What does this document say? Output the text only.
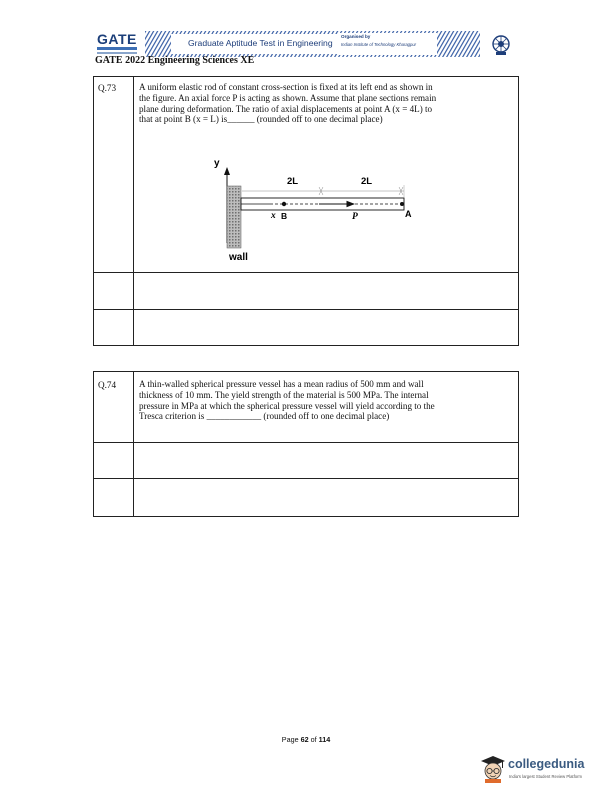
GATE	Graduate Aptitude Test in Engineering
Organised by
Indian Institute of Technology Kharagpur
GATE 2022 Engineering Sciences XE
Q.73	A uniform elastic rod of constant cross-section is fixed at its left end as shown in
the figure. An axial force P is acting as shown. Assume that plane sections remain
plane during deformation. The ratio of axial displacements at point A (x = 4L) to
that at point B (x = L) is______ (rounded off to one decimal place)
y
2L	2L
x B	P	A
wall
Q.74	A thin-walled spherical pressure vessel has a mean radius of 500 mm and wall
thickness of 10 mm. The yield strength of the material is 500 MPa. The internal
pressure in MPa at which the spherical pressure vessel will yield according to the
Tresca criterion is ____________ (rounded off to one decimal place)
Page 62 of 114
collegedunia
India's largest Student Review Platform
